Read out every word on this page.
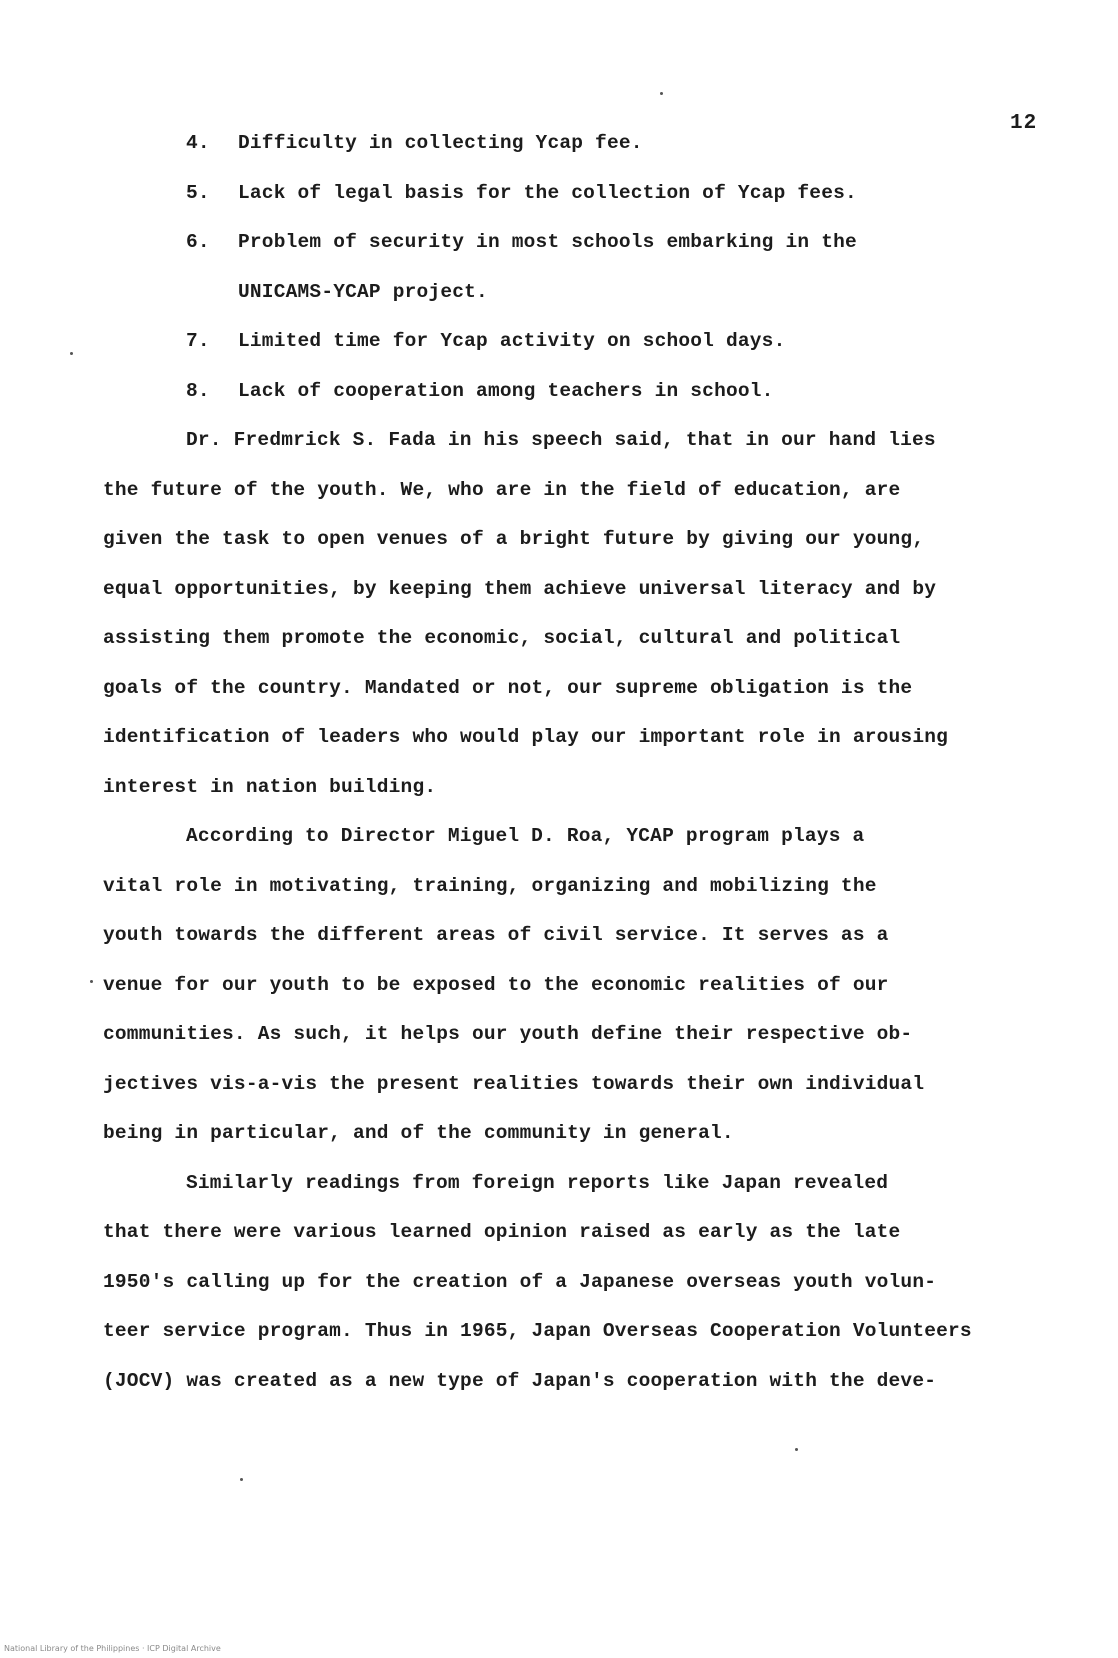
12
4. Difficulty in collecting Ycap fee.
5. Lack of legal basis for the collection of Ycap fees.
6. Problem of security in most schools embarking in the
UNICAMS-YCAP project.
7. Limited time for Ycap activity on school days.
8. Lack of cooperation among teachers in school.
Dr. Fredmrick S. Fada in his speech said, that in our hand lies
the future of the youth. We, who are in the field of education, are
given the task to open venues of a bright future by giving our young,
equal opportunities, by keeping them achieve universal literacy and by
assisting them promote the economic, social, cultural and political
goals of the country. Mandated or not, our supreme obligation is the
identification of leaders who would play our important role in arousing
interest in nation building.
According to Director Miguel D. Roa, YCAP program plays a
vital role in motivating, training, organizing and mobilizing the
youth towards the different areas of civil service. It serves as a
venue for our youth to be exposed to the economic realities of our
communities. As such, it helps our youth define their respective ob-
jectives vis-a-vis the present realities towards their own individual
being in particular, and of the community in general.
Similarly readings from foreign reports like Japan revealed
that there were various learned opinion raised as early as the late
1950's calling up for the creation of a Japanese overseas youth volun-
teer service program. Thus in 1965, Japan Overseas Cooperation Volunteers
(JOCV) was created as a new type of Japan's cooperation with the deve-
National Library of the Philippines · ICP Digital Archive
